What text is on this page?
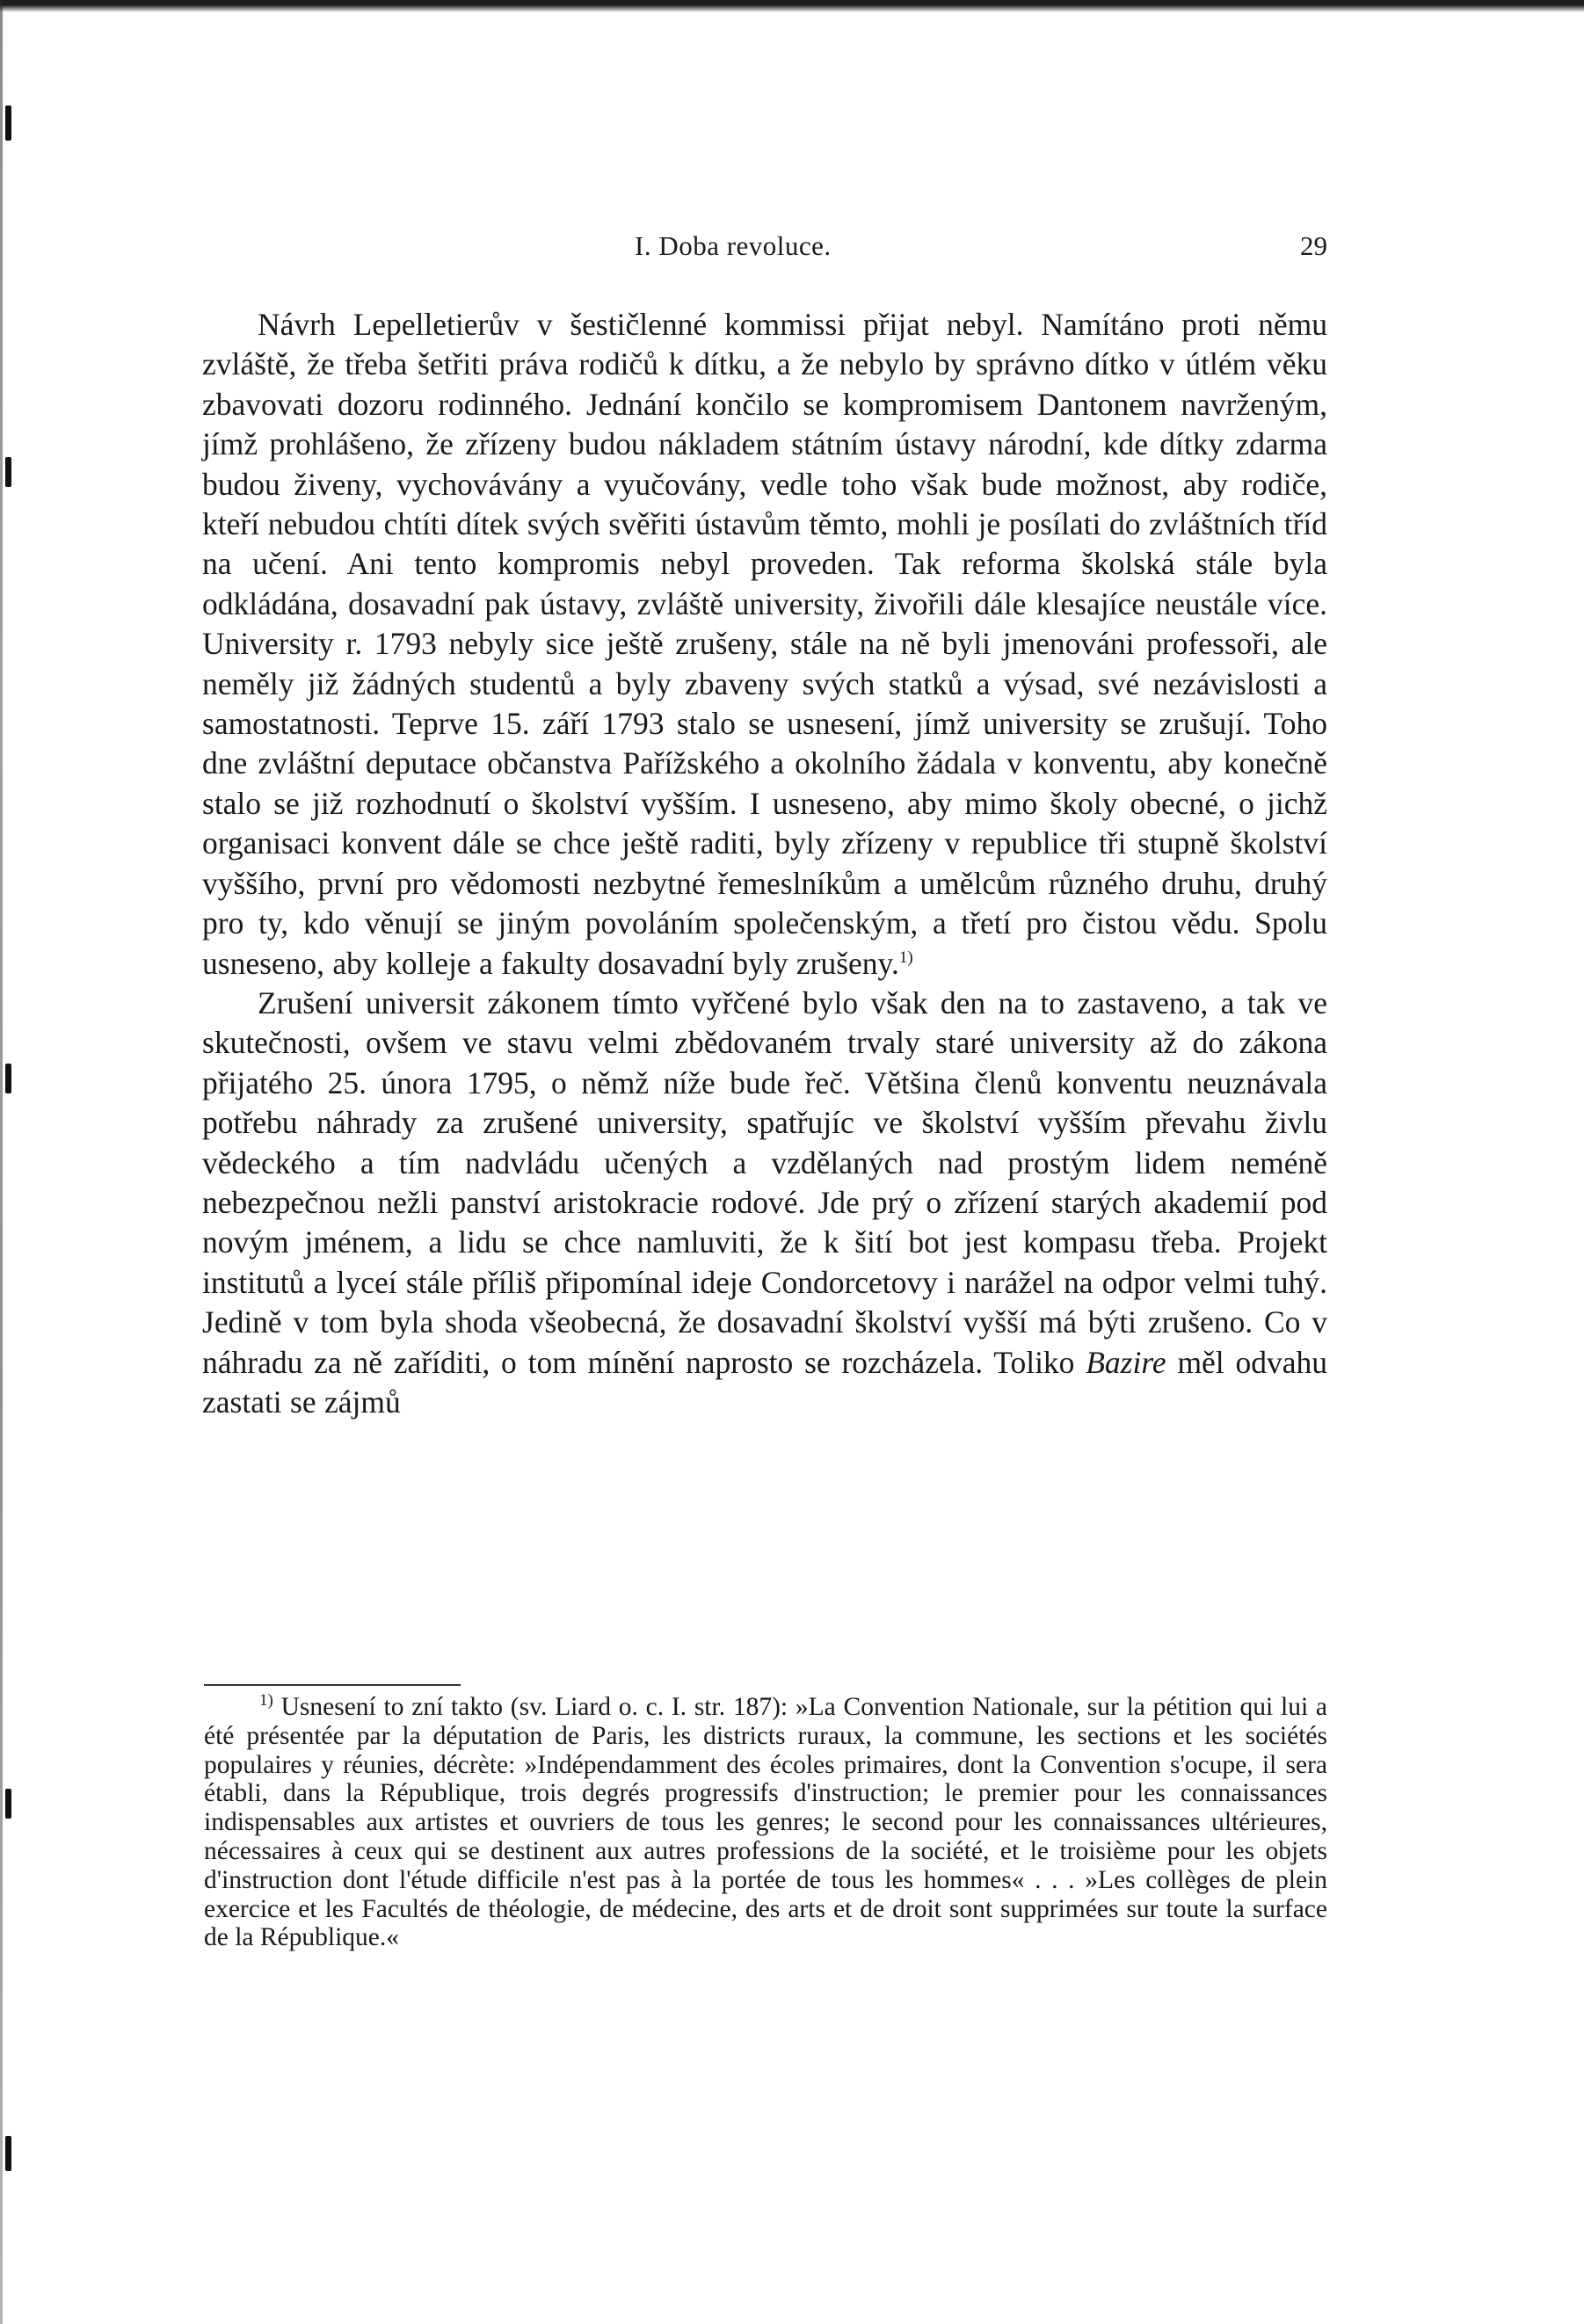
I. Doba revoluce.	29

Návrh Lepelletierův v šestičlenné kommissi přijat nebyl. Namítáno proti němu zvláště, že třeba šetřiti práva rodičů k dítku, a že nebylo by správno dítko v útlém věku zbavovati dozoru rodinného. Jednání končilo se kompromisem Dantonem navrženým, jímž prohlášeno, že zřízeny budou nákladem státním ústavy národní, kde dítky zdarma budou živeny, vychovávány a vyučovány, vedle toho však bude možnost, aby rodiče, kteří nebudou chtíti dítek svých svěřiti ústavům těmto, mohli je posílati do zvláštních tříd na učení. Ani tento kompromis nebyl proveden. Tak reforma školská stále byla odkládána, dosavadní pak ústavy, zvláště university, živořili dále klesajíce neustále více. University r. 1793 nebyly sice ještě zrušeny, stále na ně byli jmenováni professoři, ale neměly již žádných studentů a byly zbaveny svých statků a výsad, své nezávislosti a samostatnosti. Teprve 15. září 1793 stalo se usnesení, jímž university se zrušují. Toho dne zvláštní deputace občanstva Pařížského a okolního žádala v konventu, aby konečně stalo se již rozhodnutí o školství vyšším. I usneseno, aby mimo školy obecné, o jichž organisaci konvent dále se chce ještě raditi, byly zřízeny v republice tři stupně školství vyššího, první pro vědomosti nezbytné řemeslníkům a umělcům různého druhu, druhý pro ty, kdo věnují se jiným povoláním společenským, a třetí pro čistou vědu. Spolu usneseno, aby kolleje a fakulty dosavadní byly zrušeny.$^{1)}$

Zrušení universit zákonem tímto vyřčené bylo však den na to zastaveno, a tak ve skutečnosti, ovšem ve stavu velmi zbědovaném trvaly staré university až do zákona přijatého 25. února 1795, o němž níže bude řeč. Většina členů konventu neuznávala potřebu náhrady za zrušené university, spatřujíc ve školství vyšším převahu živlu vědeckého a tím nadvládu učených a vzdělaných nad prostým lidem neméně nebezpečnou nežli panství aristokracie rodové. Jde prý o zřízení starých akademií pod novým jménem, a lidu se chce namluviti, že k šití bot jest kompasu třeba. Projekt institutů a lyceí stále příliš připomínal ideje Condorcetovy i narážel na odpor velmi tuhý. Jedině v tom byla shoda všeobecná, že dosavadní školství vyšší má býti zrušeno. Co v náhradu za ně zaříditi, o tom mínění naprosto se rozcházela. Toliko Bazire měl odvahu zastati se zájmů

$^{1)}$ Usnesení to zní takto (sv. Liard o. c. I. str. 187): »La Convention Nationale, sur la pétition qui lui a été présentée par la députation de Paris, les districts ruraux, la commune, les sections et les sociétés populaires y réunies, décrète: »Indépendamment des écoles primaires, dont la Convention s'ocupe, il sera établi, dans la République, trois degrés progressifs d'instruction; le premier pour les connaissances indispensables aux artistes et ouvriers de tous les genres; le second pour les connaissances ultérieures, nécessaires à ceux qui se destinent aux autres professions de la société, et le troisième pour les objets d'instruction dont l'étude difficile n'est pas à la portée de tous les hommes« . . . »Les collèges de plein exercice et les Facultés de théologie, de médecine, des arts et de droit sont supprimées sur toute la surface de la République.«
